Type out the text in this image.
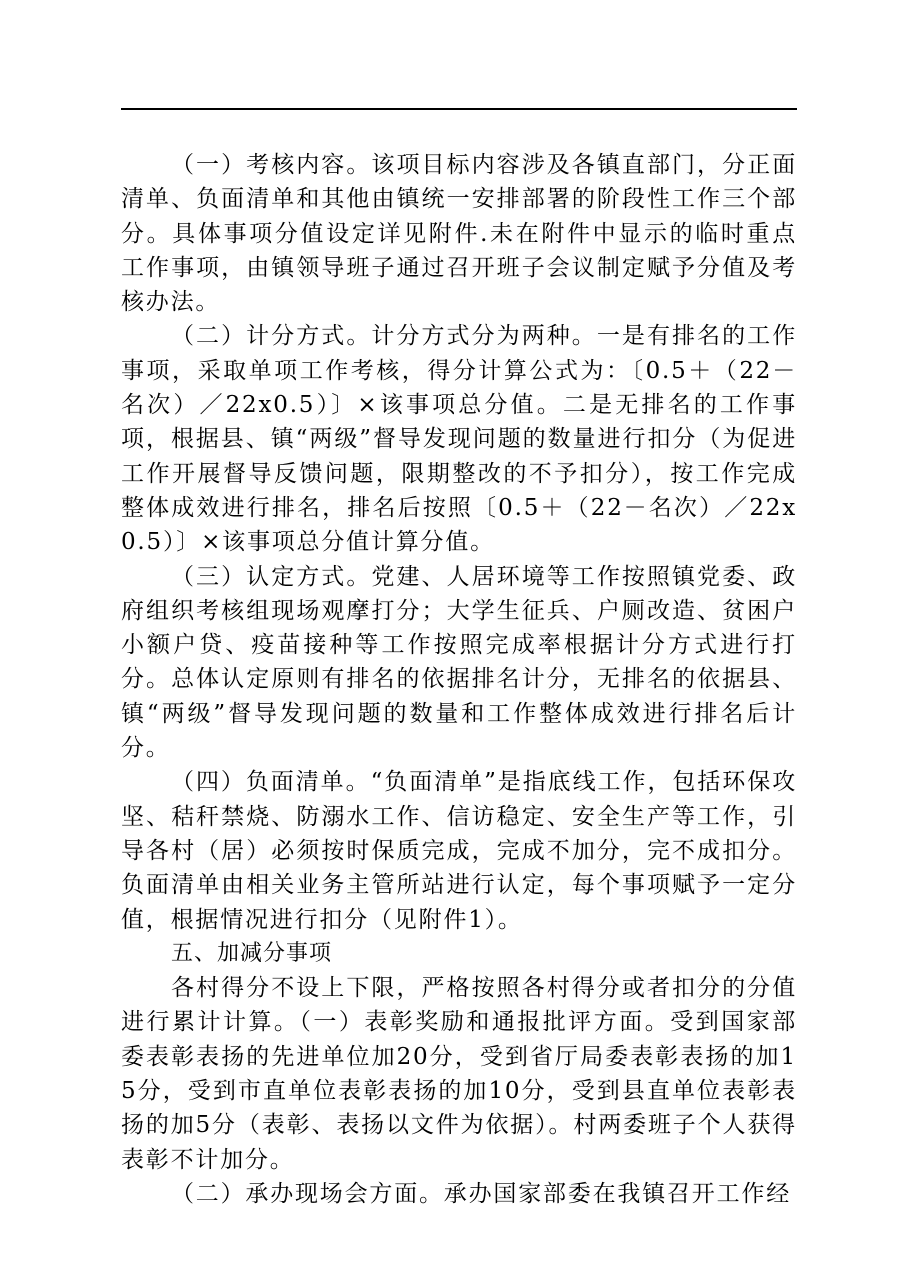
（一）考核内容。该项目标内容涉及各镇直部门，分正面清单、负面清单和其他由镇统一安排部署的阶段性工作三个部分。具体事项分值设定详见附件.未在附件中显示的临时重点工作事项，由镇领导班子通过召开班子会议制定赋予分值及考核办法。

（二）计分方式。计分方式分为两种。一是有排名的工作事项，采取单项工作考核，得分计算公式为：〔0.5＋（22－名次）／22x0.5）〕×该事项总分值。二是无排名的工作事项，根据县、镇“两级”督导发现问题的数量进行扣分（为促进工作开展督导反馈问题，限期整改的不予扣分），按工作完成整体成效进行排名，排名后按照〔0.5＋（22－名次）／22x0.5）〕×该事项总分值计算分值。

（三）认定方式。党建、人居环境等工作按照镇党委、政府组织考核组现场观摩打分；大学生征兵、户厕改造、贫困户小额户贷、疫苗接种等工作按照完成率根据计分方式进行打分。总体认定原则有排名的依据排名计分，无排名的依据县、镇“两级”督导发现问题的数量和工作整体成效进行排名后计分。

（四）负面清单。“负面清单”是指底线工作，包括环保攻坚、秸秆禁烧、防溺水工作、信访稳定、安全生产等工作，引导各村（居）必须按时保质完成，完成不加分，完不成扣分。负面清单由相关业务主管所站进行认定，每个事项赋予一定分值，根据情况进行扣分（见附件1）。

五、加减分事项

各村得分不设上下限，严格按照各村得分或者扣分的分值进行累计计算。（一）表彰奖励和通报批评方面。受到国家部委表彰表扬的先进单位加20分，受到省厅局委表彰表扬的加15分，受到市直单位表彰表扬的加10分，受到县直单位表彰表扬的加5分（表彰、表扬以文件为依据）。村两委班子个人获得表彰不计加分。

（二）承办现场会方面。承办国家部委在我镇召开工作经
